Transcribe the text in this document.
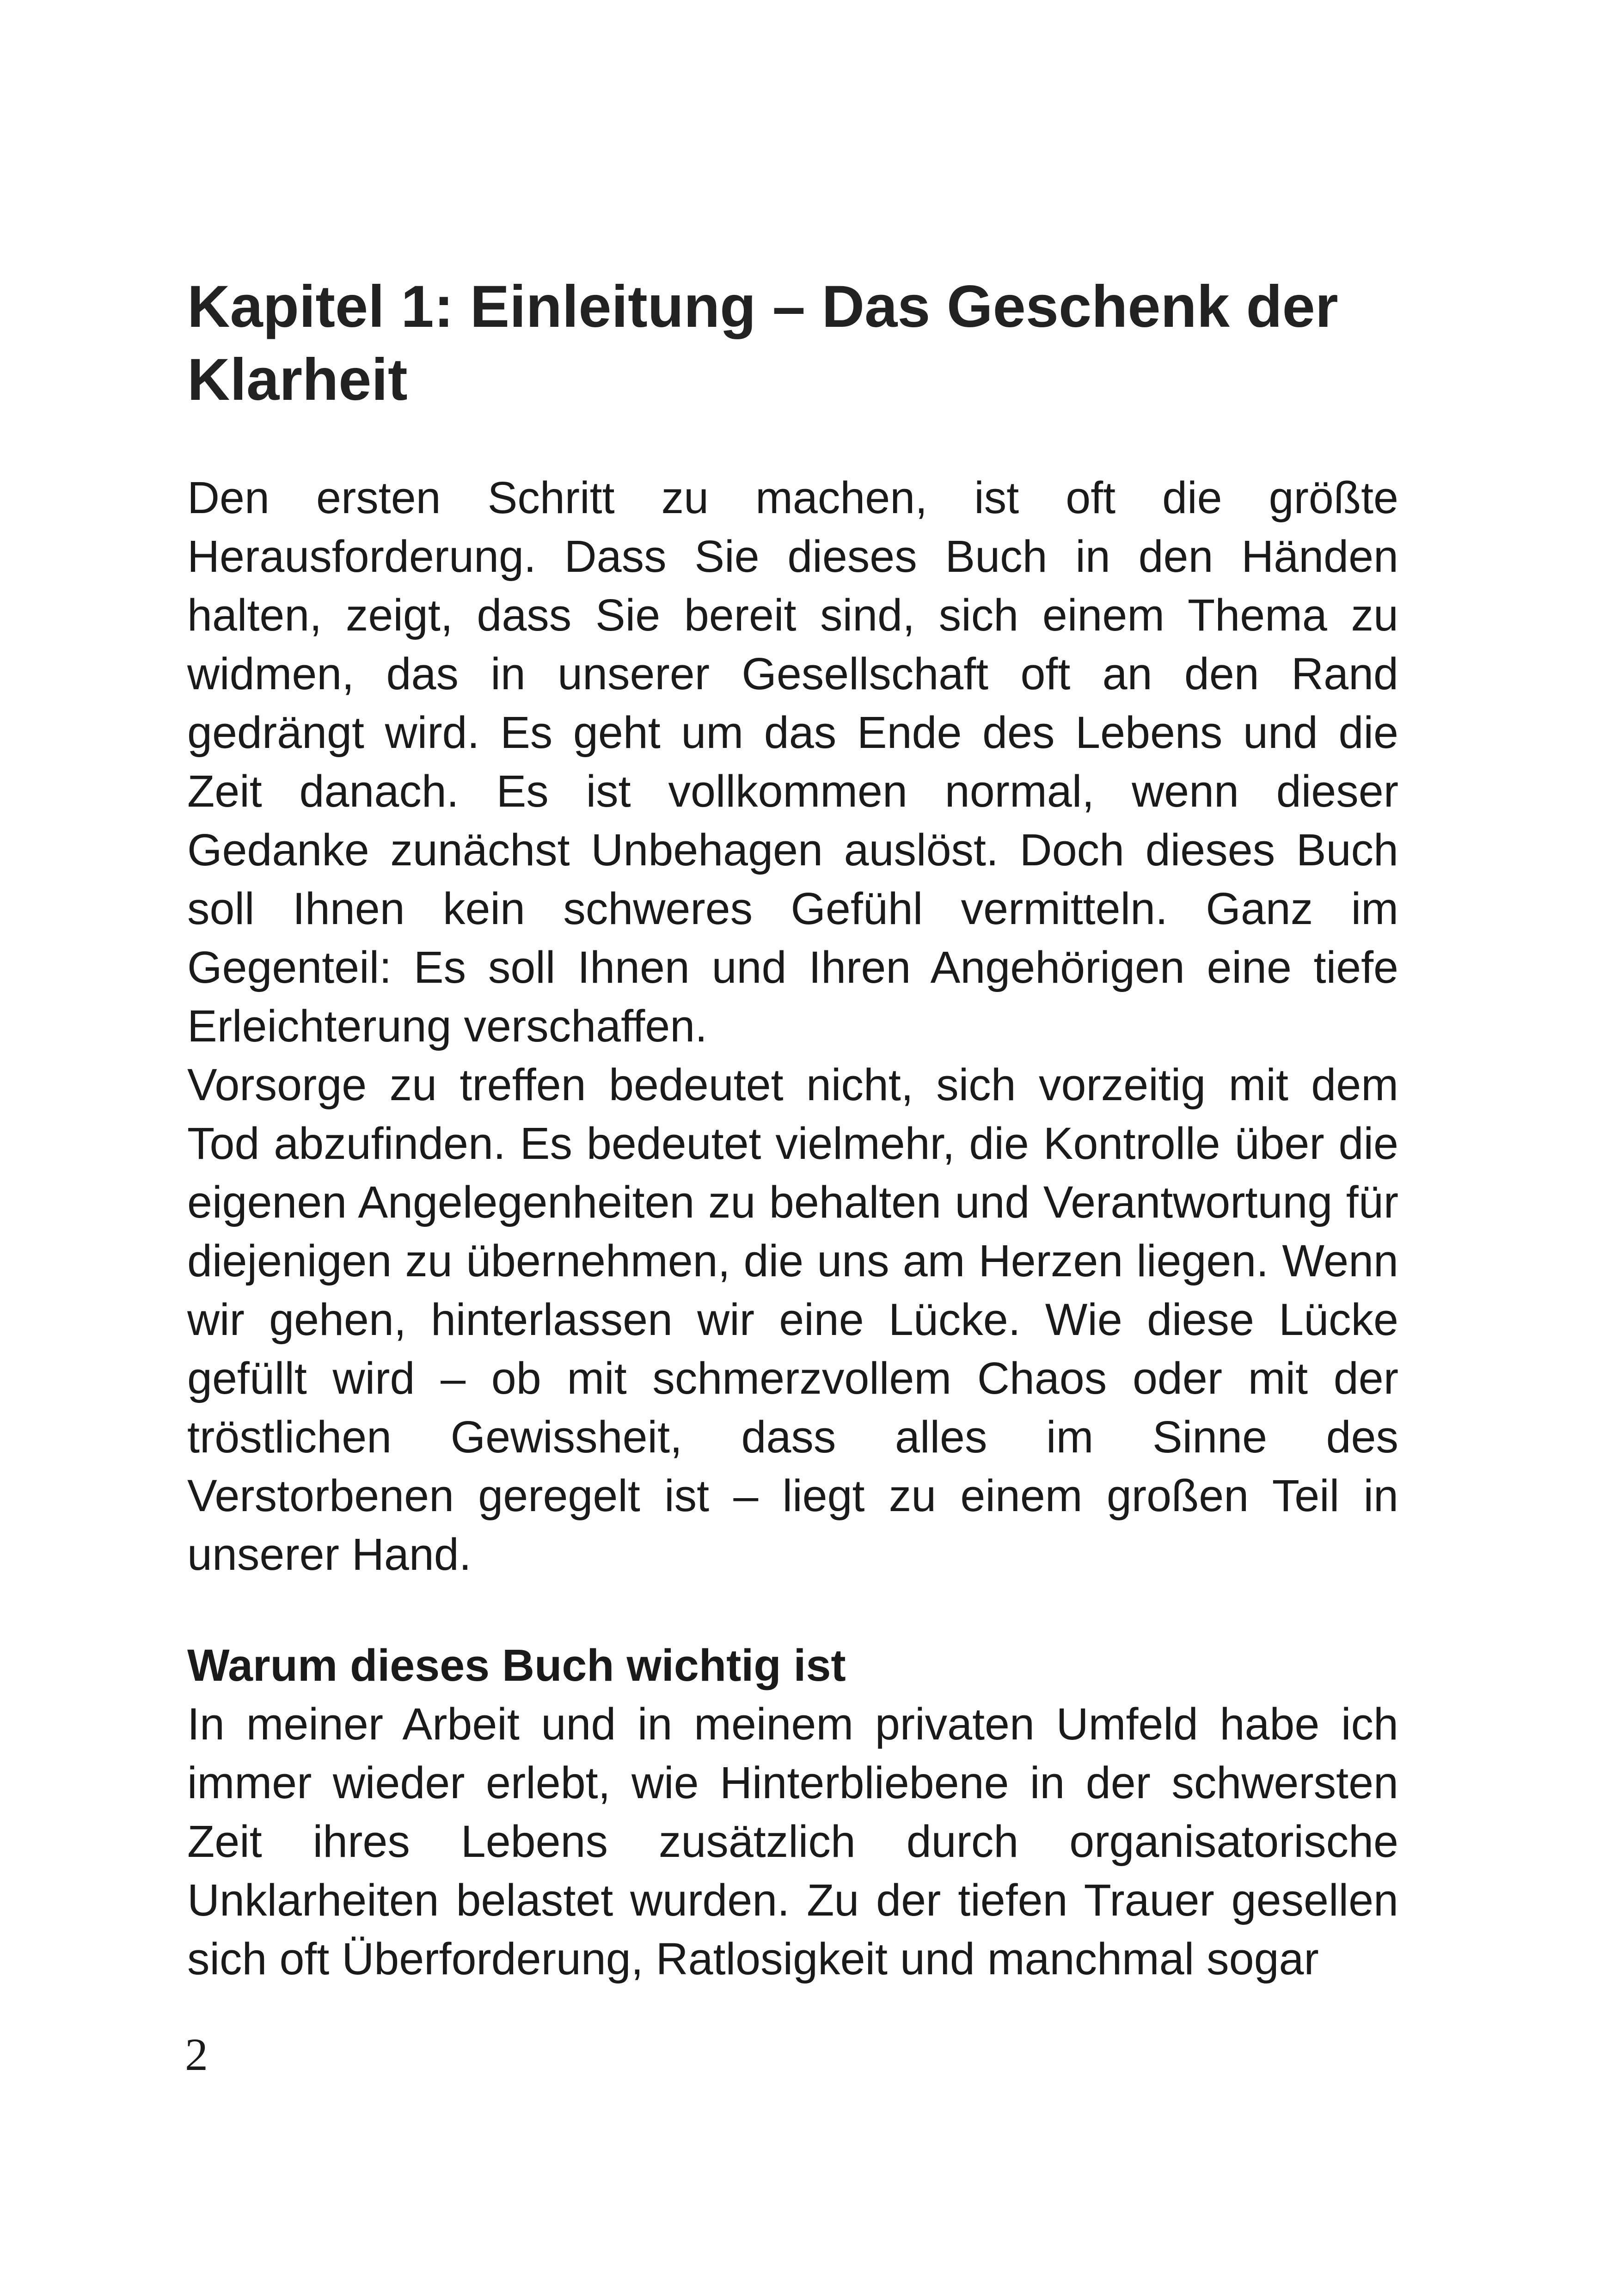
Kapitel 1: Einleitung – Das Geschenk der Klarheit

Den ersten Schritt zu machen, ist oft die größte Herausforderung. Dass Sie dieses Buch in den Händen halten, zeigt, dass Sie bereit sind, sich einem Thema zu widmen, das in unserer Gesellschaft oft an den Rand gedrängt wird. Es geht um das Ende des Lebens und die Zeit danach. Es ist vollkommen normal, wenn dieser Gedanke zunächst Unbehagen auslöst. Doch dieses Buch soll Ihnen kein schweres Gefühl vermitteln. Ganz im Gegenteil: Es soll Ihnen und Ihren Angehörigen eine tiefe Erleichterung verschaffen.

Vorsorge zu treffen bedeutet nicht, sich vorzeitig mit dem Tod abzufinden. Es bedeutet vielmehr, die Kontrolle über die eigenen Angelegenheiten zu behalten und Verantwortung für diejenigen zu übernehmen, die uns am Herzen liegen. Wenn wir gehen, hinterlassen wir eine Lücke. Wie diese Lücke gefüllt wird – ob mit schmerzvollem Chaos oder mit der tröstlichen Gewissheit, dass alles im Sinne des Verstorbenen geregelt ist – liegt zu einem großen Teil in unserer Hand.

Warum dieses Buch wichtig ist

In meiner Arbeit und in meinem privaten Umfeld habe ich immer wieder erlebt, wie Hinterbliebene in der schwersten Zeit ihres Lebens zusätzlich durch organisatorische Unklarheiten belastet wurden. Zu der tiefen Trauer gesellen sich oft Überforderung, Ratlosigkeit und manchmal sogar

2
